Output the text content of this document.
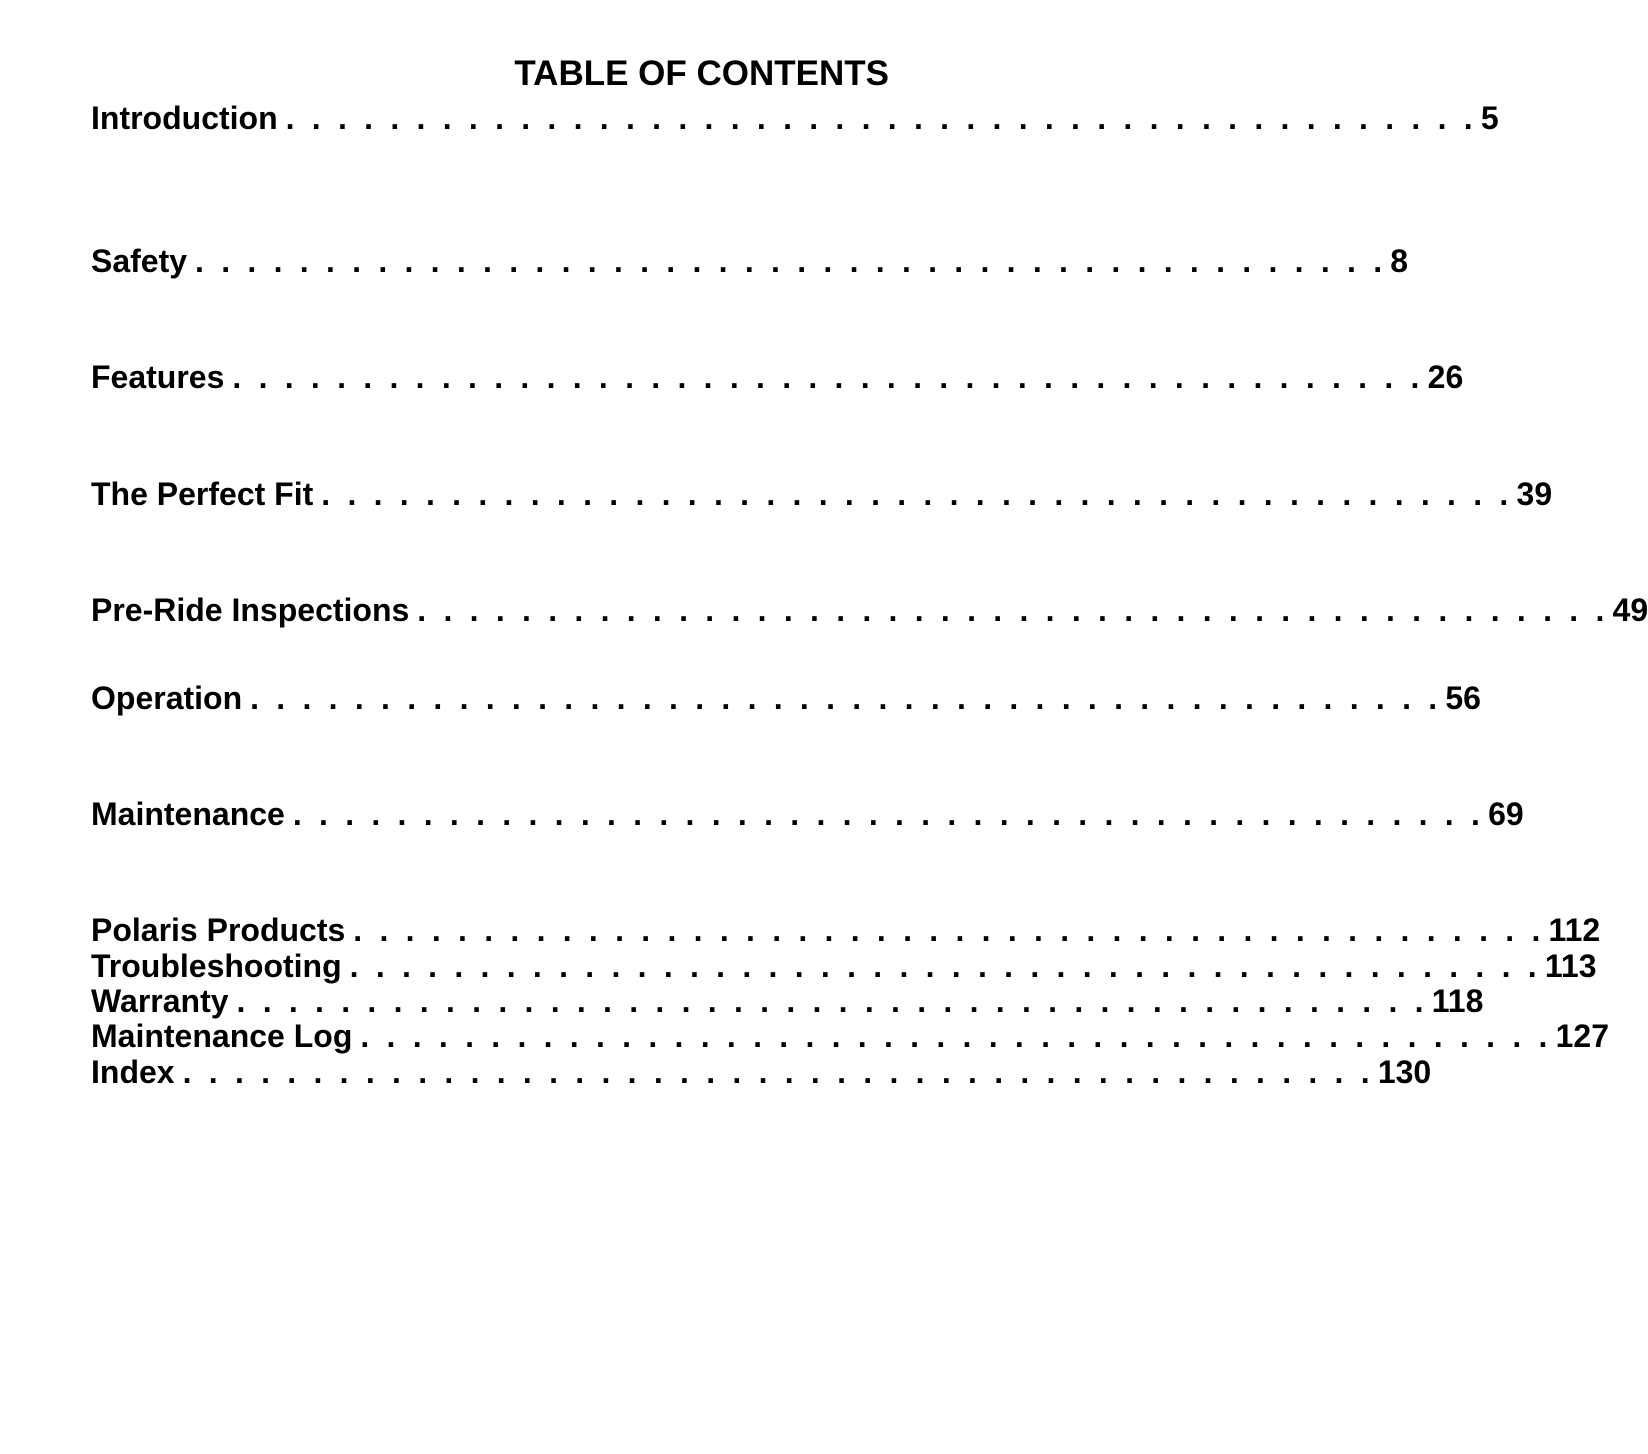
TABLE OF CONTENTS
Introduction . . . . . . . . . . . . . . . . . . . . . . . . . . . . . . . . . . . . . . . . . . . . . . 5
Safety . . . . . . . . . . . . . . . . . . . . . . . . . . . . . . . . . . . . . . . . . . . . . . 8
Features . . . . . . . . . . . . . . . . . . . . . . . . . . . . . . . . . . . . . . . . . . . . . . 26
The Perfect Fit . . . . . . . . . . . . . . . . . . . . . . . . . . . . . . . . . . . . . . . . . . . . . . 39
Pre-Ride Inspections . . . . . . . . . . . . . . . . . . . . . . . . . . . . . . . . . . . . . . . . . . . . . . 49
Operation . . . . . . . . . . . . . . . . . . . . . . . . . . . . . . . . . . . . . . . . . . . . . . 56
Maintenance . . . . . . . . . . . . . . . . . . . . . . . . . . . . . . . . . . . . . . . . . . . . . . 69
Polaris Products . . . . . . . . . . . . . . . . . . . . . . . . . . . . . . . . . . . . . . . . . . . . . . 112
Troubleshooting . . . . . . . . . . . . . . . . . . . . . . . . . . . . . . . . . . . . . . . . . . . . . . 113
Warranty . . . . . . . . . . . . . . . . . . . . . . . . . . . . . . . . . . . . . . . . . . . . . . 118
Maintenance Log . . . . . . . . . . . . . . . . . . . . . . . . . . . . . . . . . . . . . . . . . . . . . . 127
Index . . . . . . . . . . . . . . . . . . . . . . . . . . . . . . . . . . . . . . . . . . . . . . 130
